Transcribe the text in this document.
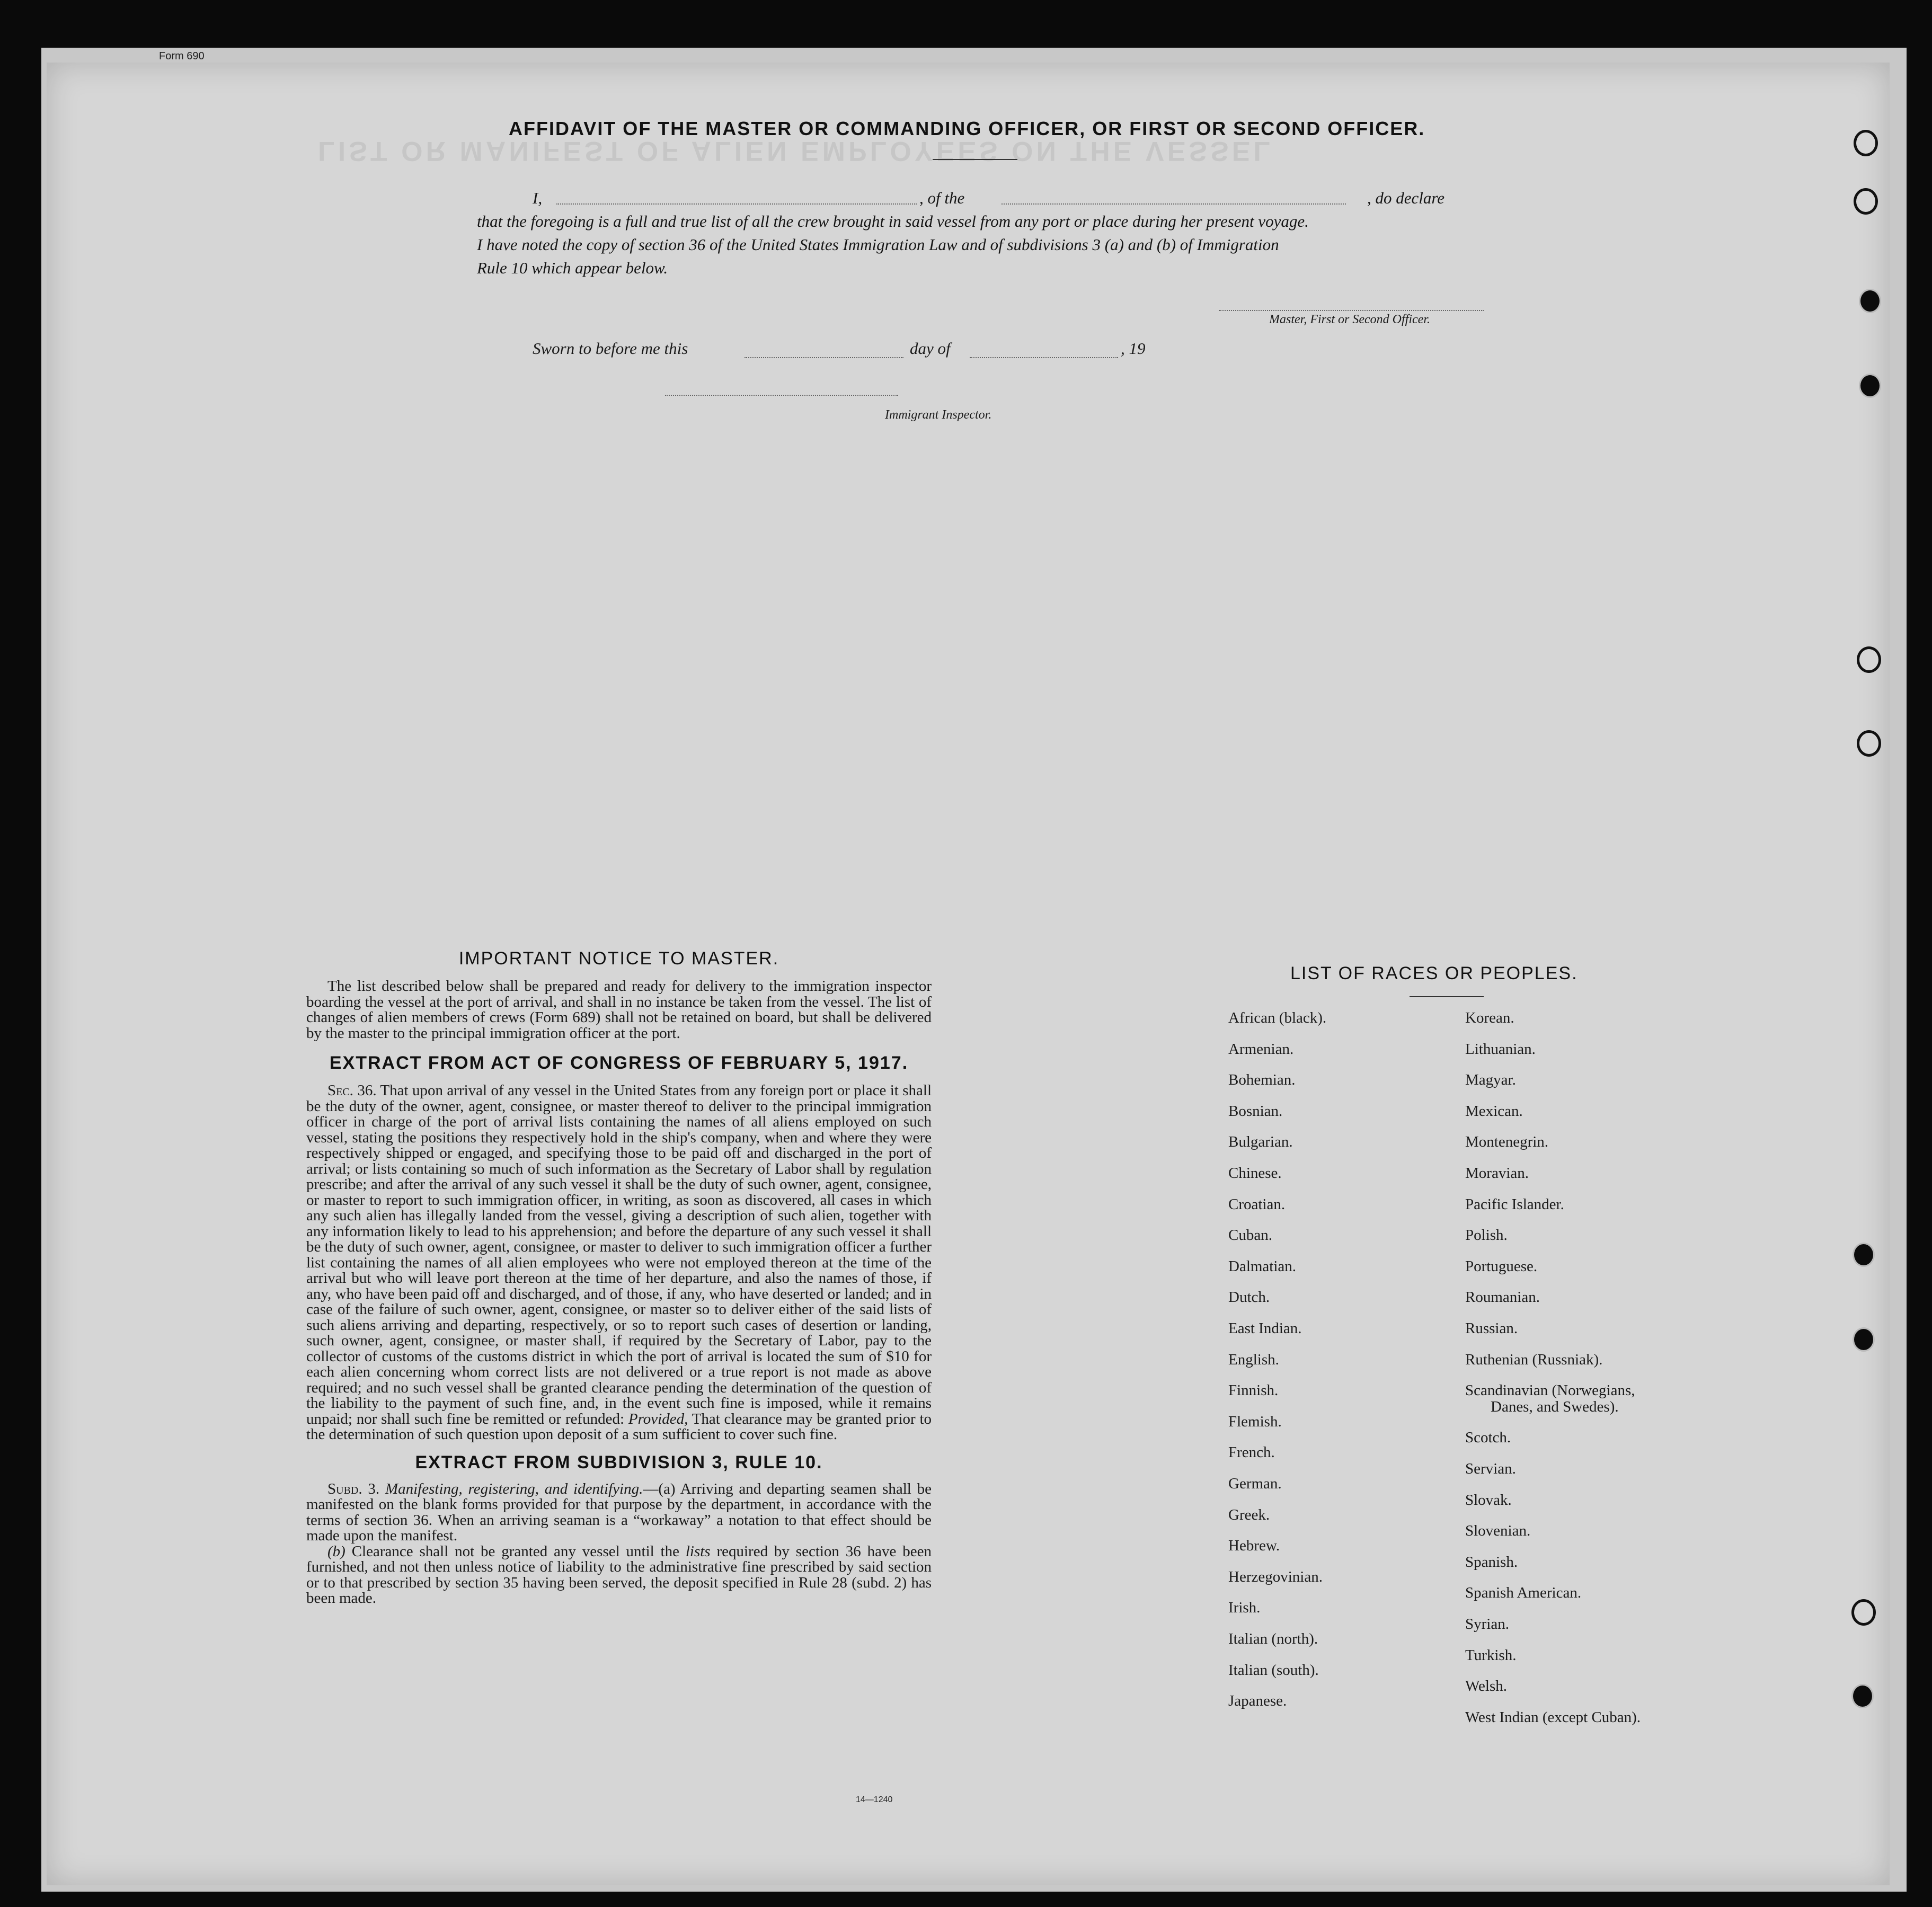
Form 690
LIST OR MANIFEST OF ALIEN EMPLOYEES ON THE VESSEL
AFFIDAVIT OF THE MASTER OR COMMANDING OFFICER, OR FIRST OR SECOND OFFICER.
I,	, of the	, do declare
that the foregoing is a full and true list of all the crew brought in said vessel from any port or place during her present voyage.
I have noted the copy of section 36 of the United States Immigration Law and of subdivisions 3 (a) and (b) of Immigration
Rule 10 which appear below.
Master, First or Second Officer.
Sworn to before me this	day of	, 19
Immigrant Inspector.
IMPORTANT NOTICE TO MASTER.

The list described below shall be prepared and ready for delivery to the immigration inspector boarding the vessel at the port of arrival, and shall in no instance be taken from the vessel. The list of changes of alien members of crews (Form 689) shall not be retained on board, but shall be delivered by the master to the principal immigration officer at the port.

EXTRACT FROM ACT OF CONGRESS OF FEBRUARY 5, 1917.

Sec. 36. That upon arrival of any vessel in the United States from any foreign port or place it shall be the duty of the owner, agent, consignee, or master thereof to deliver to the principal immigration officer in charge of the port of arrival lists containing the names of all aliens employed on such vessel, stating the positions they respectively hold in the ship's company, when and where they were respectively shipped or engaged, and specifying those to be paid off and discharged in the port of arrival; or lists containing so much of such information as the Secretary of Labor shall by regulation prescribe; and after the arrival of any such vessel it shall be the duty of such owner, agent, consignee, or master to report to such immigration officer, in writing, as soon as discovered, all cases in which any such alien has illegally landed from the vessel, giving a description of such alien, together with any information likely to lead to his apprehension; and before the departure of any such vessel it shall be the duty of such owner, agent, consignee, or master to deliver to such immigration officer a further list containing the names of all alien employees who were not employed thereon at the time of the arrival but who will leave port thereon at the time of her departure, and also the names of those, if any, who have been paid off and discharged, and of those, if any, who have deserted or landed; and in case of the failure of such owner, agent, consignee, or master so to deliver either of the said lists of such aliens arriving and departing, respectively, or so to report such cases of desertion or landing, such owner, agent, consignee, or master shall, if required by the Secretary of Labor, pay to the collector of customs of the customs district in which the port of arrival is located the sum of $10 for each alien concerning whom correct lists are not delivered or a true report is not made as above required; and no such vessel shall be granted clearance pending the determination of the question of the liability to the payment of such fine, and, in the event such fine is imposed, while it remains unpaid; nor shall such fine be remitted or refunded: Provided, That clearance may be granted prior to the determination of such question upon deposit of a sum sufficient to cover such fine.

EXTRACT FROM SUBDIVISION 3, RULE 10.

Subd. 3. Manifesting, registering, and identifying.—(a) Arriving and departing seamen shall be manifested on the blank forms provided for that purpose by the department, in accordance with the terms of section 36. When an arriving seaman is a “workaway” a notation to that effect should be made upon the manifest.

(b) Clearance shall not be granted any vessel until the lists required by section 36 have been furnished, and not then unless notice of liability to the administrative fine prescribed by said section or to that prescribed by section 35 having been served, the deposit specified in Rule 28 (subd. 2) has been made.

LIST OF RACES OR PEOPLES.
African (black).
Armenian.
Bohemian.
Bosnian.
Bulgarian.
Chinese.
Croatian.
Cuban.
Dalmatian.
Dutch.
East Indian.
English.
Finnish.
Flemish.
French.
German.
Greek.
Hebrew.
Herzegovinian.
Irish.
Italian (north).
Italian (south).
Japanese.
Korean.
Lithuanian.
Magyar.
Mexican.
Montenegrin.
Moravian.
Pacific Islander.
Polish.
Portuguese.
Roumanian.
Russian.
Ruthenian (Russniak).
Scandinavian (Norwegians,
Danes, and Swedes).
Scotch.
Servian.
Slovak.
Slovenian.
Spanish.
Spanish American.
Syrian.
Turkish.
Welsh.
West Indian (except Cuban).
14—1240
